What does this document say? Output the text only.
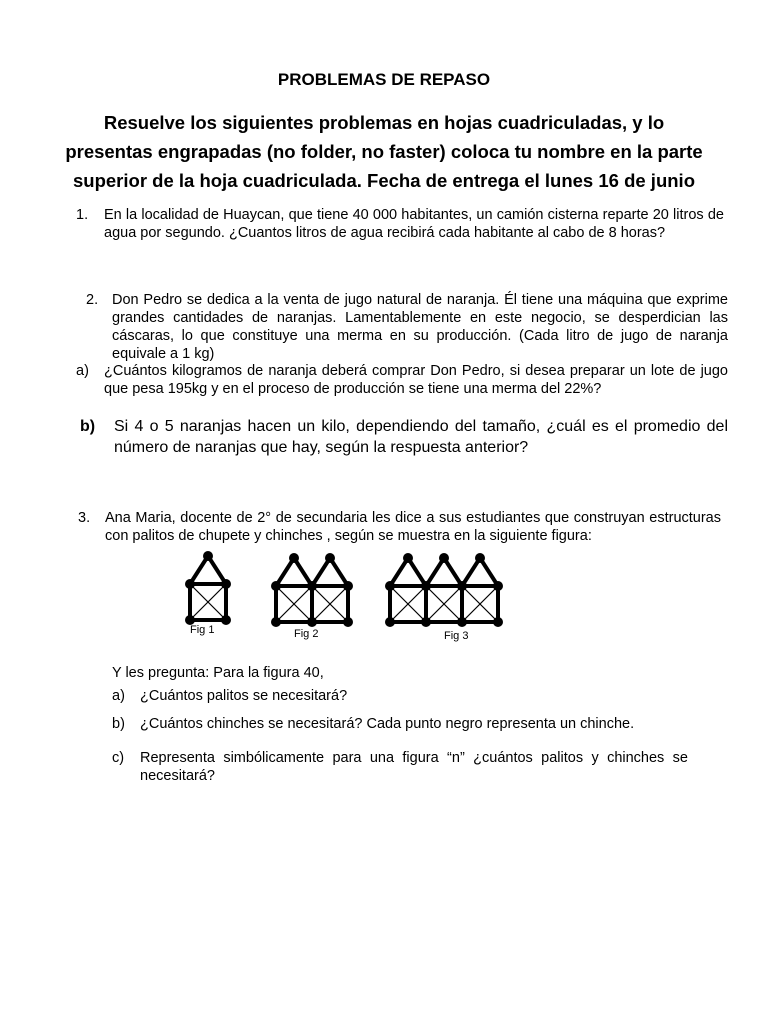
PROBLEMAS DE REPASO
Resuelve los siguientes problemas en hojas cuadriculadas, y lo presentas engrapadas (no folder, no faster) coloca tu nombre en la parte superior de la hoja cuadriculada. Fecha de entrega el lunes 16 de junio
1. En la localidad de Huaycan, que tiene 40 000 habitantes, un camión cisterna reparte 20 litros de agua por segundo. ¿Cuantos litros de agua recibirá cada habitante al cabo de 8 horas?
2. Don Pedro se dedica a la venta de jugo natural de naranja. Él tiene una máquina que exprime grandes cantidades de naranjas. Lamentablemente en este negocio, se desperdician las cáscaras, lo que constituye una merma en su producción. (Cada litro de jugo de naranja equivale a 1 kg)
a) ¿Cuántos kilogramos de naranja deberá comprar Don Pedro, si desea preparar un lote de jugo que pesa 195kg y en el proceso de producción se tiene una merma del 22%?
b) Si 4 o 5 naranjas hacen un kilo, dependiendo del tamaño, ¿cuál es el promedio del número de naranjas que hay, según la respuesta anterior?
3. Ana Maria, docente de 2° de secundaria les dice a sus estudiantes que construyan estructuras con palitos de chupete y chinches , según se muestra en la siguiente figura:
Fig 1	Fig 2	Fig 3
Y les pregunta: Para la figura 40,
a) ¿Cuántos palitos se necesitará?
b) ¿Cuántos chinches se necesitará? Cada punto negro representa un chinche.
c) Representa simbólicamente para una figura “n” ¿cuántos palitos y chinches se necesitará?
